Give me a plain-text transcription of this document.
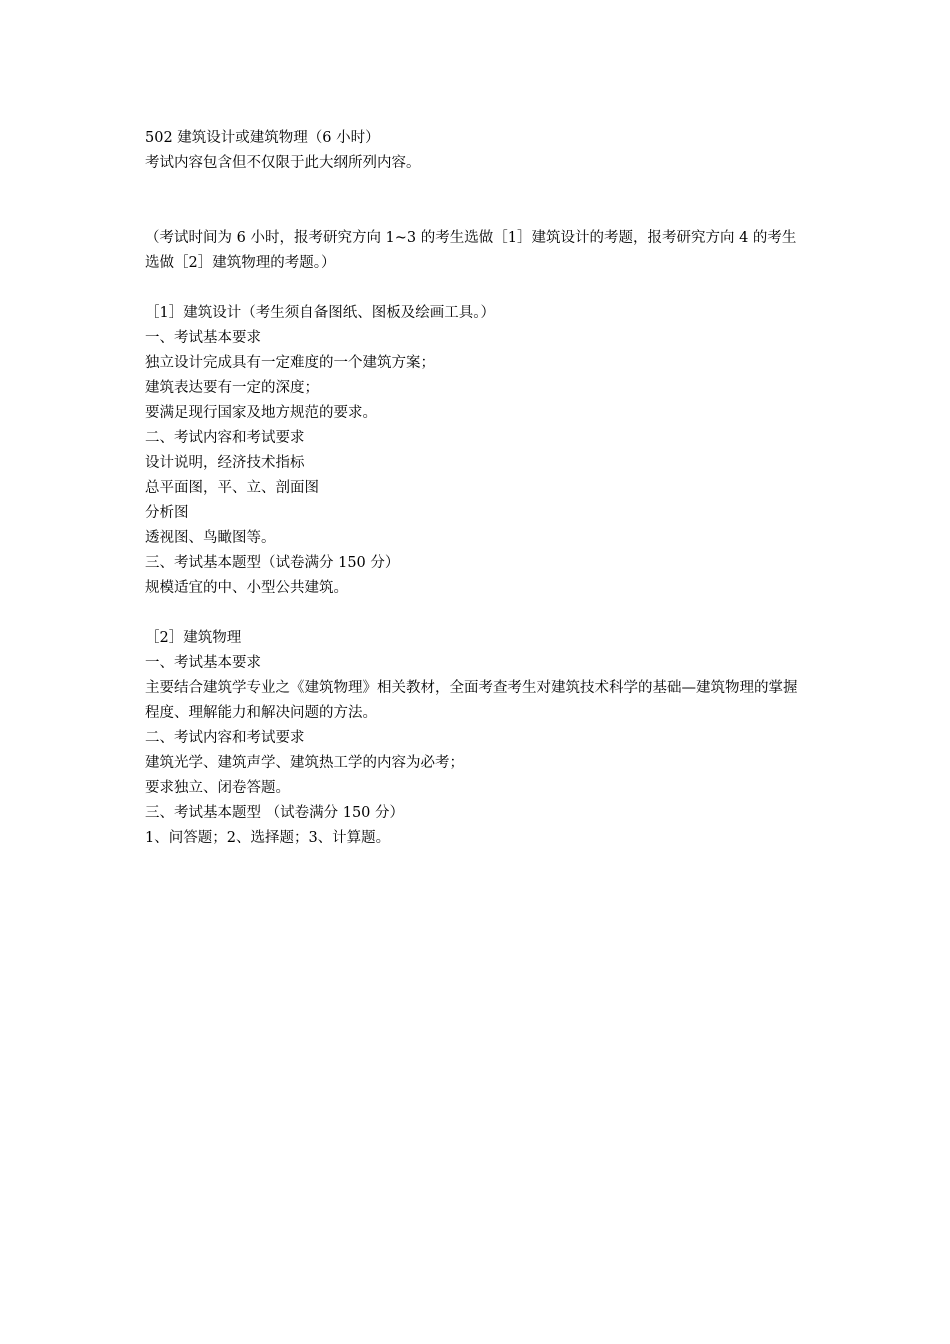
502 建筑设计或建筑物理（6 小时）
考试内容包含但不仅限于此大纲所列内容。
（考试时间为 6 小时，报考研究方向 1~3 的考生选做［1］建筑设计的考题，报考研究方向 4 的考生选做［2］建筑物理的考题。）
［1］建筑设计（考生须自备图纸、图板及绘画工具。）
一、考试基本要求
独立设计完成具有一定难度的一个建筑方案；
建筑表达要有一定的深度；
要满足现行国家及地方规范的要求。
二、考试内容和考试要求
设计说明，经济技术指标
总平面图，平、立、剖面图
分析图
透视图、鸟瞰图等。
三、考试基本题型（试卷满分 150 分）
规模适宜的中、小型公共建筑。
［2］建筑物理
一、考试基本要求
主要结合建筑学专业之《建筑物理》相关教材，全面考查考生对建筑技术科学的基础—建筑物理的掌握程度、理解能力和解决问题的方法。
二、考试内容和考试要求
建筑光学、建筑声学、建筑热工学的内容为必考；
要求独立、闭卷答题。
三、考试基本题型 （试卷满分 150 分）
1、问答题；2、选择题；3、计算题。
